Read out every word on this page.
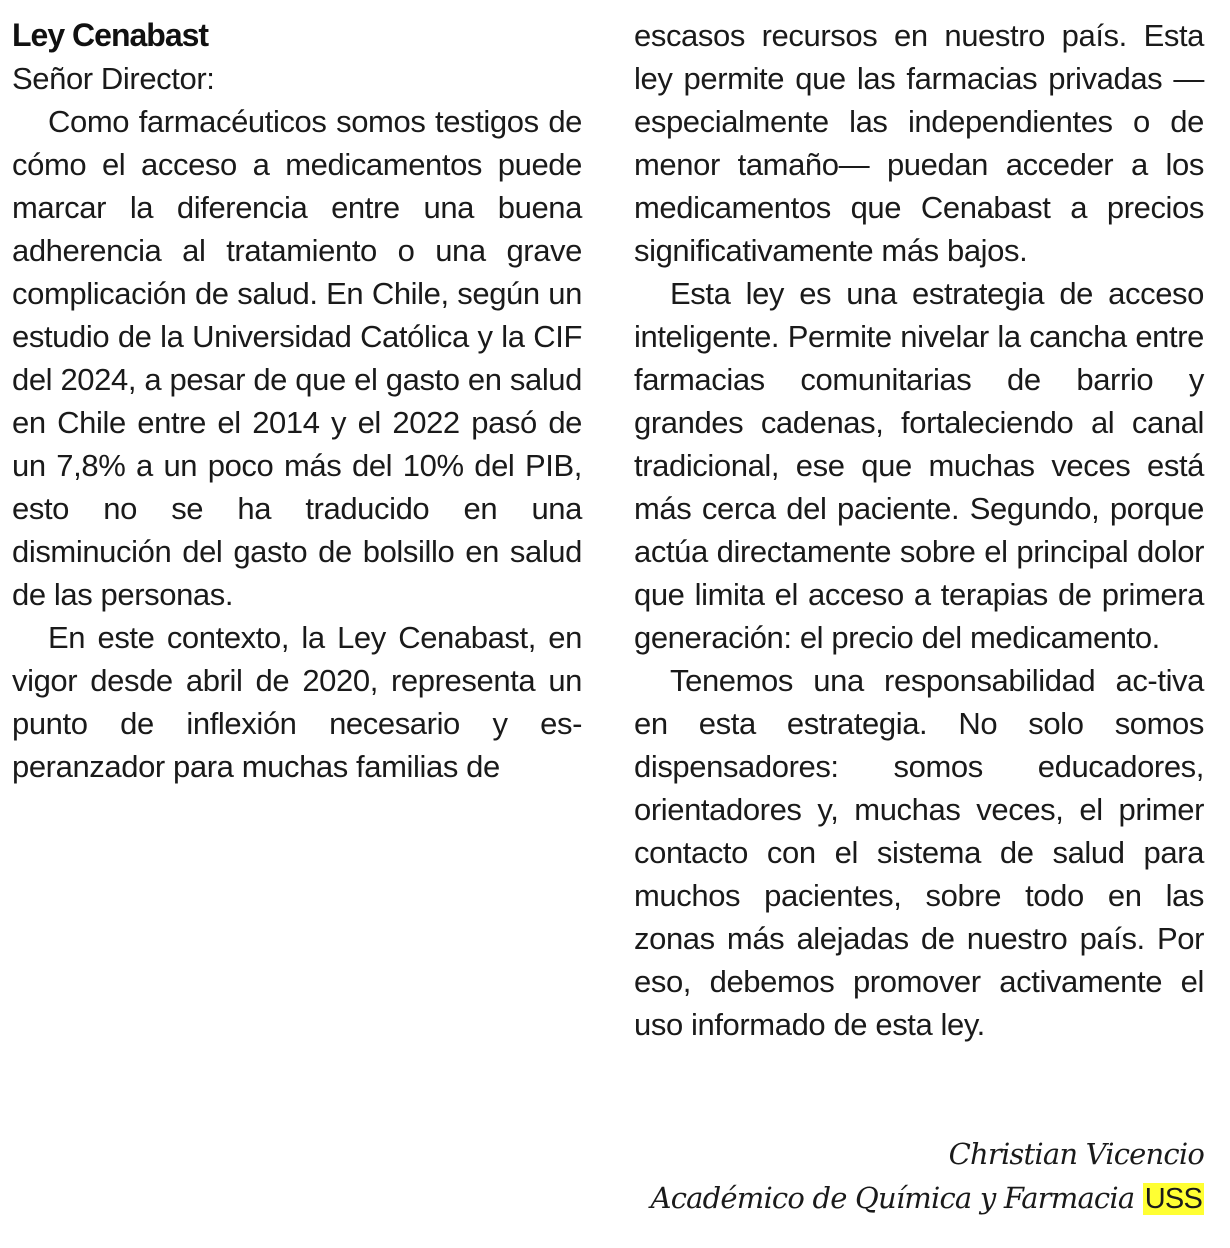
Ley Cenabast

Señor Director:

Como farmacéuticos somos testigos de cómo el acceso a medicamentos puede marcar la diferencia entre una buena adherencia al tratamiento o una grave complicación de salud. En Chile, según un estudio de la Universidad Católica y la CIF del 2024, a pesar de que el gasto en salud en Chile entre el 2014 y el 2022 pasó de un 7,8% a un poco más del 10% del PIB, esto no se ha traducido en una disminución del gasto de bolsillo en salud de las personas.

En este contexto, la Ley Cenabast, en vigor desde abril de 2020, representa un punto de inflexión necesario y es-peranzador para muchas familias de

escasos recursos en nuestro país. Esta ley permite que las farmacias privadas —especialmente las independientes o de menor tamaño— puedan acceder a los medicamentos que Cenabast a precios significativamente más bajos.

Esta ley es una estrategia de acceso inteligente. Permite nivelar la cancha entre farmacias comunitarias de barrio y grandes cadenas, fortaleciendo al canal tradicional, ese que muchas veces está más cerca del paciente. Segundo, porque actúa directamente sobre el principal dolor que limita el acceso a terapias de primera generación: el precio del medicamento.

Tenemos una responsabilidad ac-tiva en esta estrategia. No solo somos dispensadores: somos educadores, orientadores y, muchas veces, el primer contacto con el sistema de salud para muchos pacientes, sobre todo en las zonas más alejadas de nuestro país. Por eso, debemos promover activamente el uso informado de esta ley.

Christian Vicencio
Académico de Química y Farmacia USS
